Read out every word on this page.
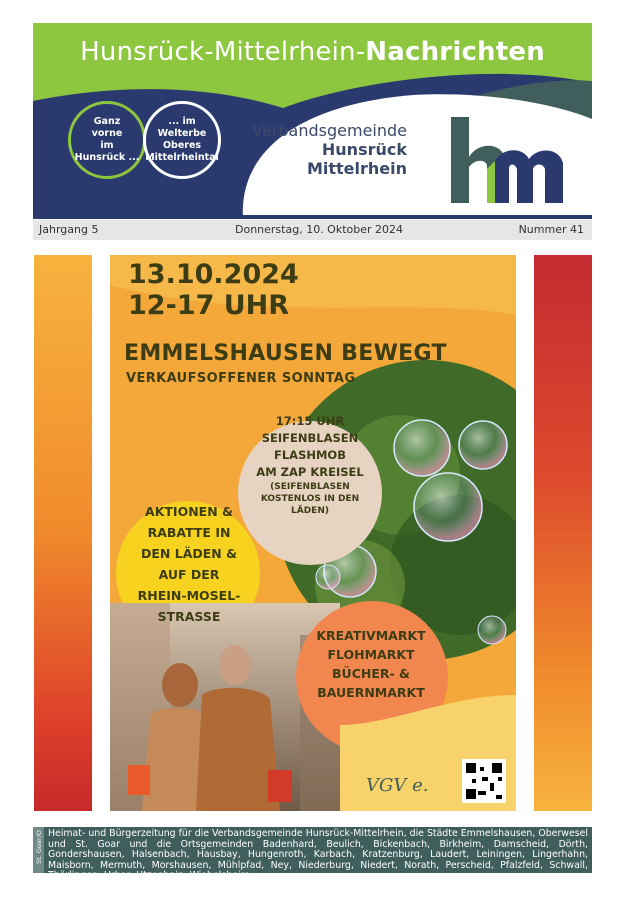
Hunsrück-Mittelrhein-Nachrichten
Ganz
vorne
im
Hunsrück ...
... im
Welterbe
Oberes
Mittelrheintal
Verbandsgemeinde
Hunsrück
Mittelrhein
Jahrgang 5	Donnerstag, 10. Oktober 2024	Nummer 41
13.10.2024
12-17 UHR
EMMELSHAUSEN BEWEGT
VERKAUFSOFFENER SONNTAG
17:15 UHR
SEIFENBLASEN
FLASHMOB
AM ZAP KREISEL
(SEIFENBLASEN
KOSTENLOS IN DEN
LÄDEN)
AKTIONEN &
RABATTE IN
DEN LÄDEN &
AUF DER
RHEIN-MOSEL-
STRASSE
KREATIVMARKT
FLOHMARKT
BÜCHER- &
BAUERNMARKT
VGV e.
St. Goar/O Heimat- und Bürgerzeitung für die Verbandsgemeinde Hunsrück-Mittelrhein, die Städte Emmelshausen, Oberwesel und St. Goar und die Ortsgemeinden Badenhard, Beulich, Bickenbach, Birkheim, Damscheid, Dörth, Gondershausen, Halsenbach, Hausbay, Hungenroth, Karbach, Kratzenburg, Laudert, Leiningen, Lingerhahn, Maisborn, Mermuth, Morshausen, Mühlpfad, Ney, Niederburg, Niedert, Norath, Perscheid, Pfalzfeld, Schwall, Thörlingen, Urbar, Utzenhain, Wiebelsheim.
